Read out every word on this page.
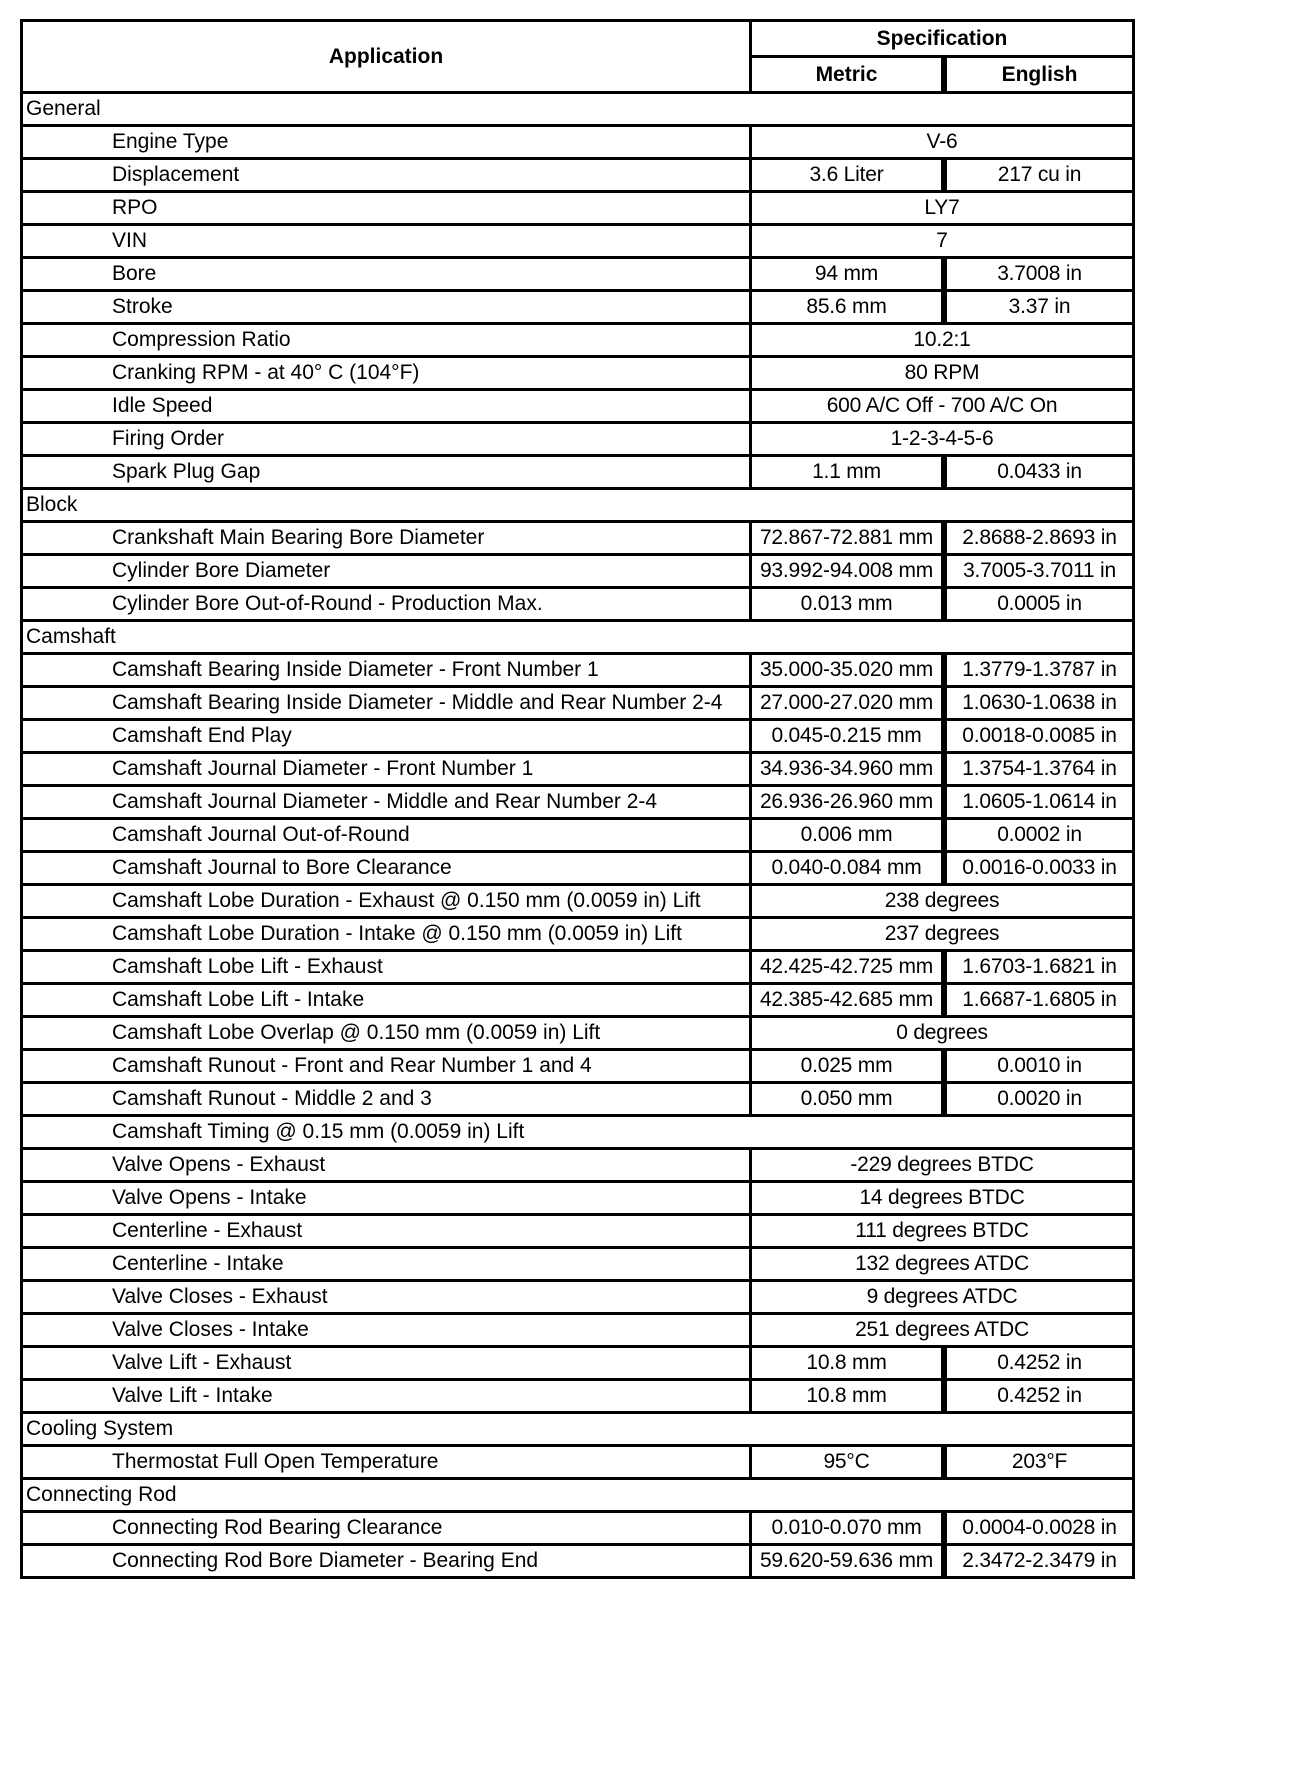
Application	Specification	
	Metric	English
General		
Engine Type	V-6	
Displacement	3.6 Liter	217 cu in
RPO	LY7	
VIN	7	
Bore	94 mm	3.7008 in
Stroke	85.6 mm	3.37 in
Compression Ratio	10.2:1	
Cranking RPM - at 40° C (104°F)	80 RPM	
Idle Speed	600 A/C Off - 700 A/C On	
Firing Order	1-2-3-4-5-6	
Spark Plug Gap	1.1 mm	0.0433 in
Block		
Crankshaft Main Bearing Bore Diameter	72.867-72.881 mm	2.8688-2.8693 in
Cylinder Bore Diameter	93.992-94.008 mm	3.7005-3.7011 in
Cylinder Bore Out-of-Round - Production Max.	0.013 mm	0.0005 in
Camshaft		
Camshaft Bearing Inside Diameter - Front Number 1	35.000-35.020 mm	1.3779-1.3787 in
Camshaft Bearing Inside Diameter - Middle and Rear Number 2-4	27.000-27.020 mm	1.0630-1.0638 in
Camshaft End Play	0.045-0.215 mm	0.0018-0.0085 in
Camshaft Journal Diameter - Front Number 1	34.936-34.960 mm	1.3754-1.3764 in
Camshaft Journal Diameter - Middle and Rear Number 2-4	26.936-26.960 mm	1.0605-1.0614 in
Camshaft Journal Out-of-Round	0.006 mm	0.0002 in
Camshaft Journal to Bore Clearance	0.040-0.084 mm	0.0016-0.0033 in
Camshaft Lobe Duration - Exhaust @ 0.150 mm (0.0059 in) Lift	238 degrees	
Camshaft Lobe Duration - Intake @ 0.150 mm (0.0059 in) Lift	237 degrees	
Camshaft Lobe Lift - Exhaust	42.425-42.725 mm	1.6703-1.6821 in
Camshaft Lobe Lift - Intake	42.385-42.685 mm	1.6687-1.6805 in
Camshaft Lobe Overlap @ 0.150 mm (0.0059 in) Lift	0 degrees	
Camshaft Runout - Front and Rear Number 1 and 4	0.025 mm	0.0010 in
Camshaft Runout - Middle 2 and 3	0.050 mm	0.0020 in
Camshaft Timing @ 0.15 mm (0.0059 in) Lift		
Valve Opens - Exhaust	-229 degrees BTDC	
Valve Opens - Intake	14 degrees BTDC	
Centerline - Exhaust	111 degrees BTDC	
Centerline - Intake	132 degrees ATDC	
Valve Closes - Exhaust	9 degrees ATDC	
Valve Closes - Intake	251 degrees ATDC	
Valve Lift - Exhaust	10.8 mm	0.4252 in
Valve Lift - Intake	10.8 mm	0.4252 in
Cooling System		
Thermostat Full Open Temperature	95°C	203°F
Connecting Rod		
Connecting Rod Bearing Clearance	0.010-0.070 mm	0.0004-0.0028 in
Connecting Rod Bore Diameter - Bearing End	59.620-59.636 mm	2.3472-2.3479 in
